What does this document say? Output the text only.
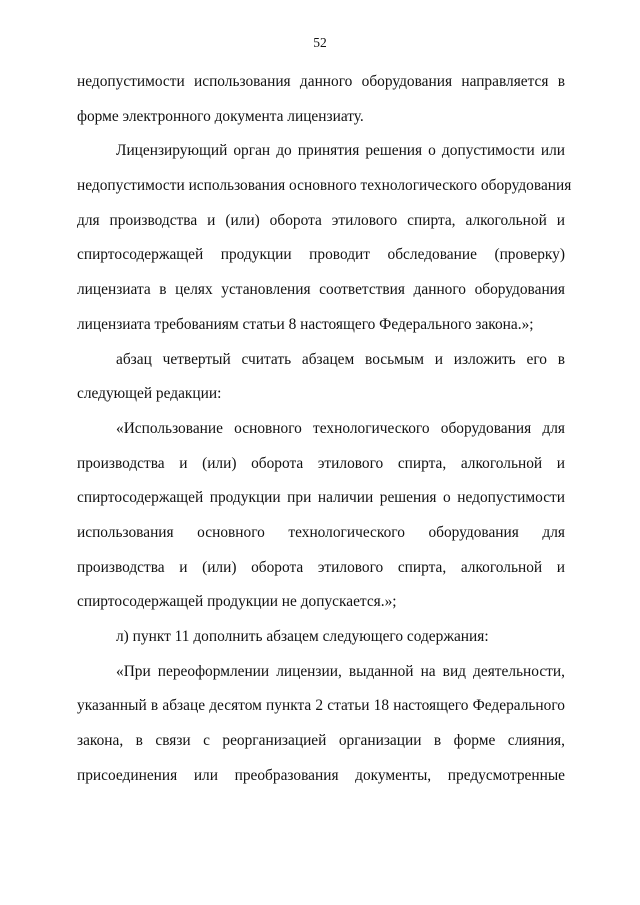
52
недопустимости использования данного оборудования направляется в
форме электронного документа лицензиату.
Лицензирующий орган до принятия решения о допустимости или
недопустимости использования основного технологического оборудования
для производства и (или) оборота этилового спирта, алкогольной и
спиртосодержащей продукции проводит обследование (проверку)
лицензиата в целях установления соответствия данного оборудования
лицензиата требованиям статьи 8 настоящего Федерального закона.»;
абзац четвертый считать абзацем восьмым и изложить его в
следующей редакции:
«Использование основного технологического оборудования для
производства и (или) оборота этилового спирта, алкогольной и
спиртосодержащей продукции при наличии решения о недопустимости
использования основного технологического оборудования для
производства и (или) оборота этилового спирта, алкогольной и
спиртосодержащей продукции не допускается.»;
л) пункт 11 дополнить абзацем следующего содержания:
«При переоформлении лицензии, выданной на вид деятельности,
указанный в абзаце десятом пункта 2 статьи 18 настоящего Федерального
закона, в связи с реорганизацией организации в форме слияния,
присоединения или преобразования документы, предусмотренные
